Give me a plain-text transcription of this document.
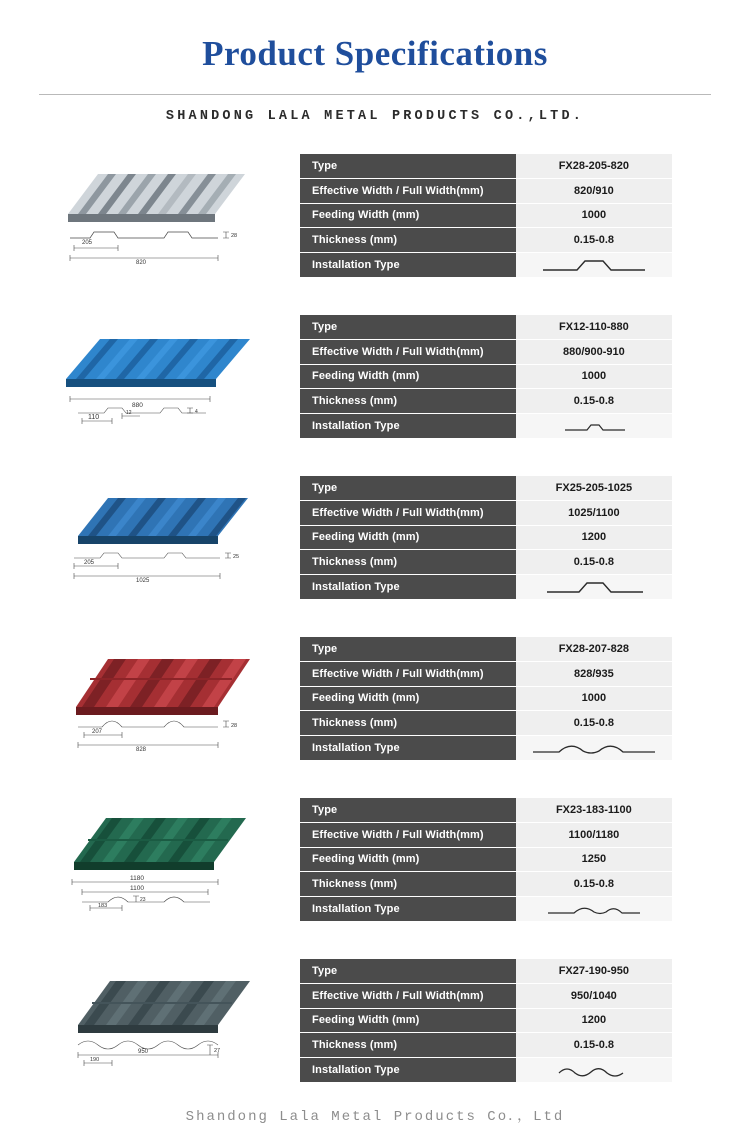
Product Specifications
SHANDONG LALA METAL PRODUCTS CO.,LTD.
205
820
28
Type	FX28-205-820
Effective Width / Full Width(mm)	820/910
Feeding Width (mm)	1000
Thickness (mm)	0.15-0.8
Installation Type	
880
110
12	4
Type	FX12-110-880
Effective Width / Full Width(mm)	880/900-910
Feeding Width (mm)	1000
Thickness (mm)	0.15-0.8
Installation Type	
205
1025
25
Type	FX25-205-1025
Effective Width / Full Width(mm)	1025/1100
Feeding Width (mm)	1200
Thickness (mm)	0.15-0.8
Installation Type	
207
828
28
Type	FX28-207-828
Effective Width / Full Width(mm)	828/935
Feeding Width (mm)	1000
Thickness (mm)	0.15-0.8
Installation Type	
1180
1100
183
23
Type	FX23-183-1100
Effective Width / Full Width(mm)	1100/1180
Feeding Width (mm)	1250
Thickness (mm)	0.15-0.8
Installation Type	
190
950	27
Type	FX27-190-950
Effective Width / Full Width(mm)	950/1040
Feeding Width (mm)	1200
Thickness (mm)	0.15-0.8
Installation Type	
Shandong Lala Metal Products Co．，Ltd
